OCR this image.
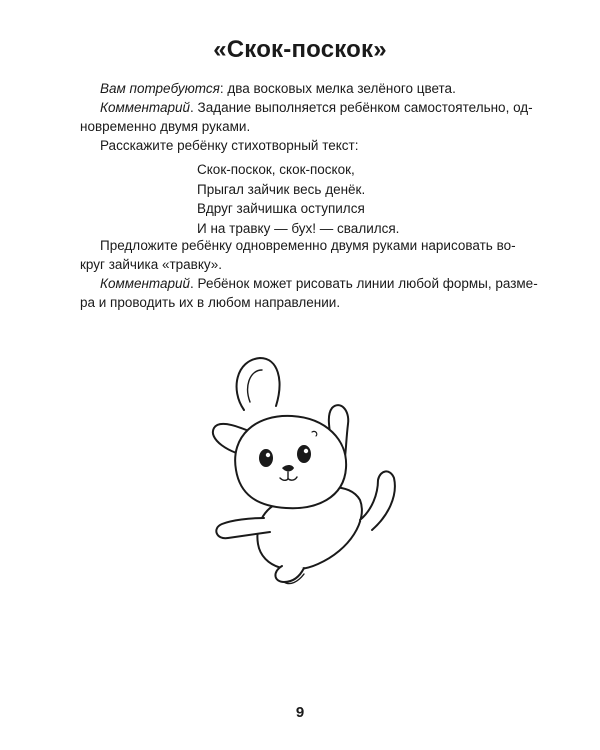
«Скок-поскок»
Вам потребуются: два восковых мелка зелёного цвета.
Комментарий. Задание выполняется ребёнком самостоятельно, од-
новременно двумя руками.
Расскажите ребёнку стихотворный текст:
Скок-поскок, скок-поскок,
Прыгал зайчик весь денёк.
Вдруг зайчишка оступился
И на травку — бух! — свалился.
Предложите ребёнку одновременно двумя руками нарисовать во-
круг зайчика «травку».
Комментарий. Ребёнок может рисовать линии любой формы, разме-
ра и проводить их в любом направлении.
9
